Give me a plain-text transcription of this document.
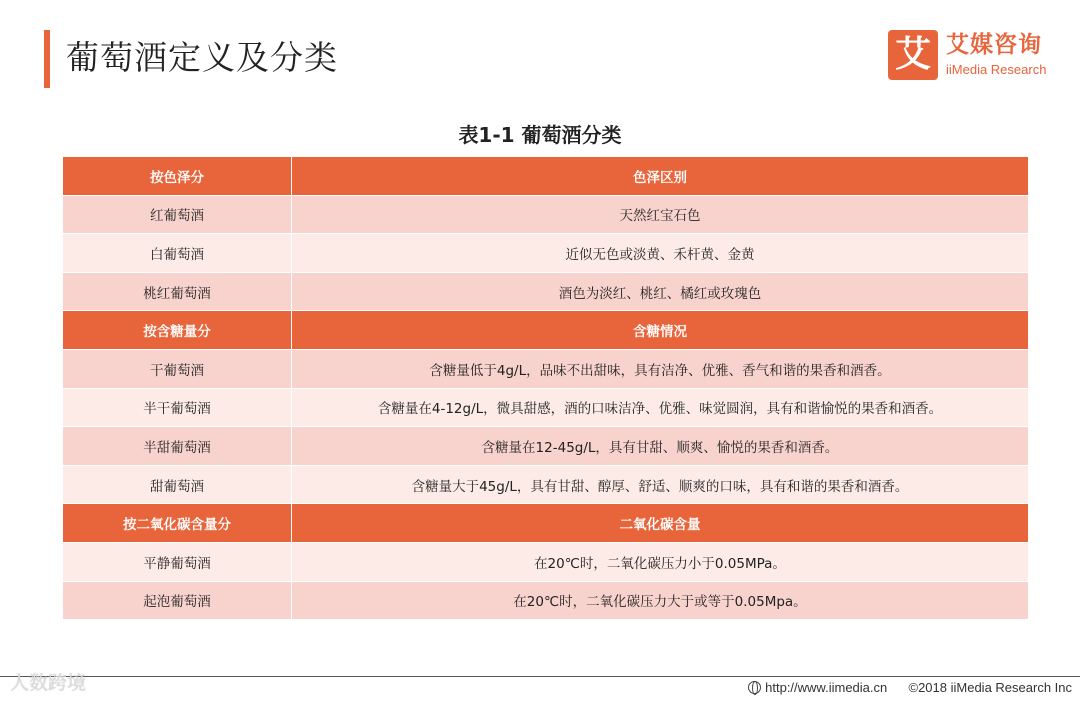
葡萄酒定义及分类	艾 艾媒咨询
iiMedia Research
表1-1 葡萄酒分类
按色泽分	色泽区别
红葡萄酒	天然红宝石色
白葡萄酒	近似无色或淡黄、禾杆黄、金黄
桃红葡萄酒	酒色为淡红、桃红、橘红或玫瑰色
按含糖量分	含糖情况
干葡萄酒	含糖量低于4g/L，品味不出甜味，具有洁净、优雅、香气和谐的果香和酒香。
半干葡萄酒	含糖量在4-12g/L，微具甜感，酒的口味洁净、优雅、味觉圆润，具有和谐愉悦的果香和酒香。
半甜葡萄酒	含糖量在12-45g/L，具有甘甜、顺爽、愉悦的果香和酒香。
甜葡萄酒	含糖量大于45g/L，具有甘甜、醇厚、舒适、顺爽的口味，具有和谐的果香和酒香。
按二氧化碳含量分	二氧化碳含量
平静葡萄酒	在20℃时，二氧化碳压力小于0.05MPa。
起泡葡萄酒	在20℃时，二氧化碳压力大于或等于0.05Mpa。
人数跨境	http://www.iimedia.cn ©2018 iiMedia Research Inc
